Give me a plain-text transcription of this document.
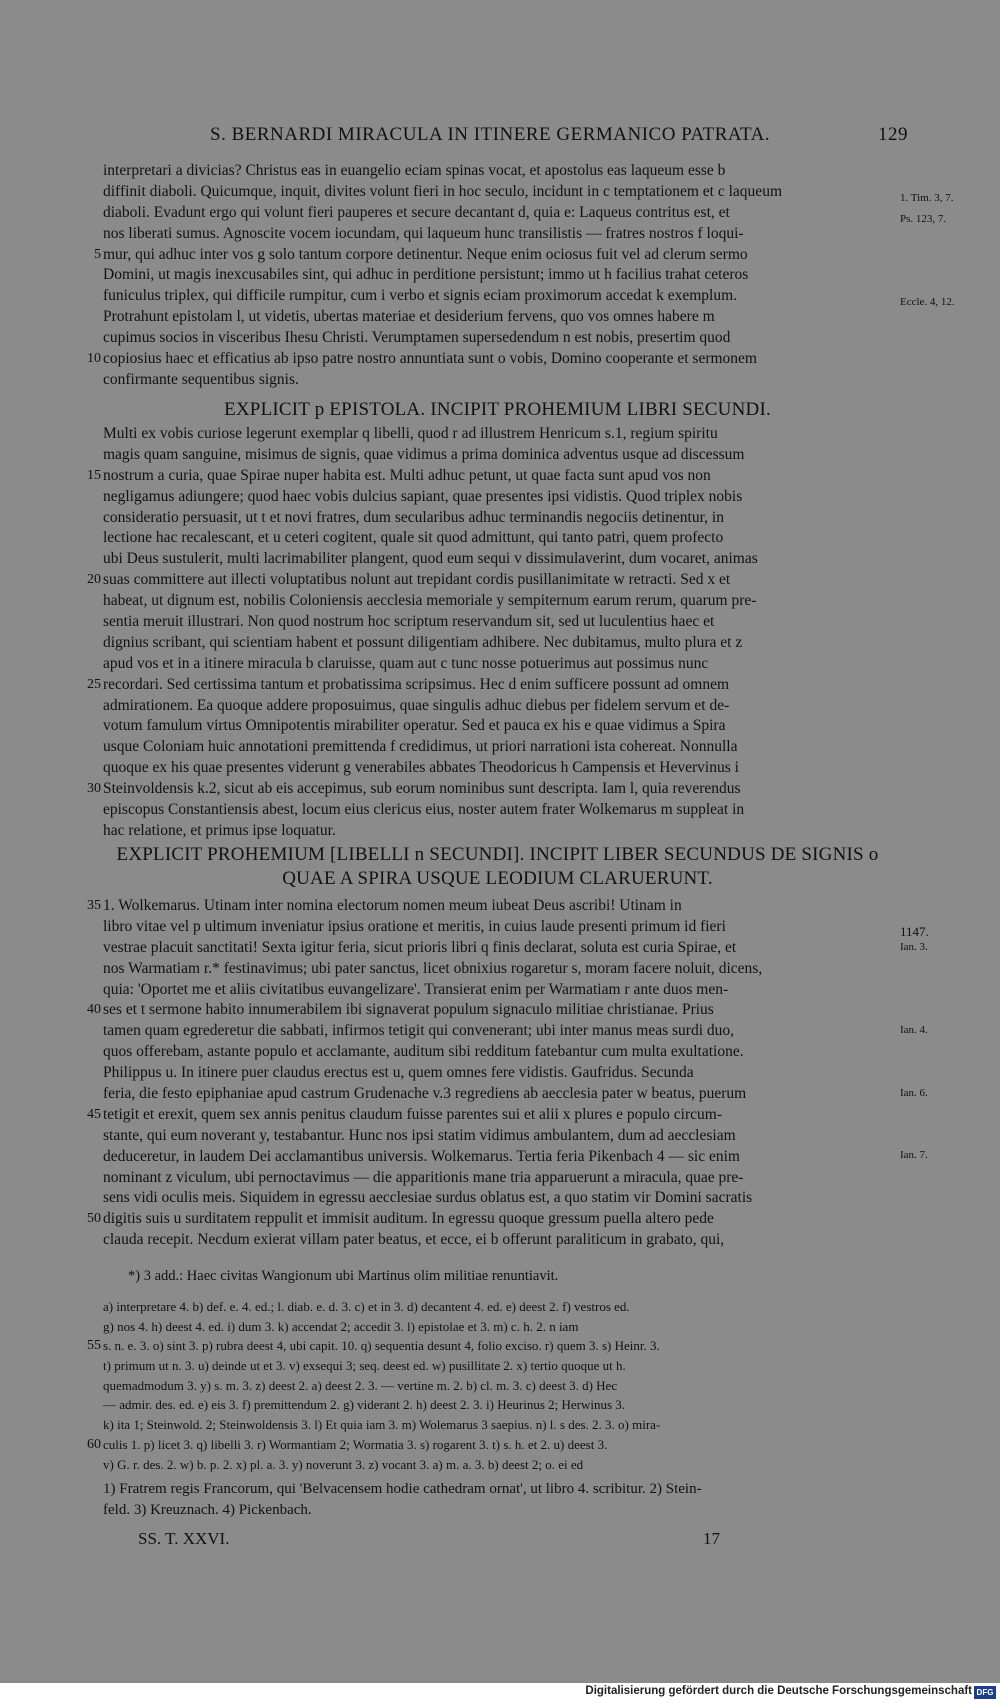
S. BERNARDI MIRACULA IN ITINERE GERMANICO PATRATA.	129
interpretari a divicias? Christus eas in euangelio eciam spinas vocat, et apostolus eas laqueum esse b
diffinit diaboli. Quicumque, inquit, divites volunt fieri in hoc seculo, incidunt in c temptationem et c laqueum
diaboli. Evadunt ergo qui volunt fieri pauperes et secure decantant d, quia e: Laqueus contritus est, et
nos liberati sumus. Agnoscite vocem iocundam, qui laqueum hunc transilistis — fratres nostros f loqui-
mur, qui adhuc inter vos g solo tantum corpore detinentur. Neque enim ociosus fuit vel ad clerum sermo
5
Domini, ut magis inexcusabiles sint, qui adhuc in perditione persistunt; immo ut h facilius trahat ceteros
funiculus triplex, qui difficile rumpitur, cum i verbo et signis eciam proximorum accedat k exemplum.
Protrahunt epistolam l, ut videtis, ubertas materiae et desiderium fervens, quo vos omnes habere m
cupimus socios in visceribus Ihesu Christi. Verumptamen supersedendum n est nobis, presertim quod
copiosius haec et efficatius ab ipso patre nostro annuntiata sunt o vobis, Domino cooperante et sermonem
10
confirmante sequentibus signis.
EXPLICIT p EPISTOLA. INCIPIT PROHEMIUM LIBRI SECUNDI.
Multi ex vobis curiose legerunt exemplar q libelli, quod r ad illustrem Henricum s.1, regium spiritu
magis quam sanguine, misimus de signis, quae vidimus a prima dominica adventus usque ad discessum
nostrum a curia, quae Spirae nuper habita est. Multi adhuc petunt, ut quae facta sunt apud vos non
15
negligamus adiungere; quod haec vobis dulcius sapiant, quae presentes ipsi vidistis. Quod triplex nobis
consideratio persuasit, ut t et novi fratres, dum secularibus adhuc terminandis negociis detinentur, in
lectione hac recalescant, et u ceteri cogitent, quale sit quod admittunt, qui tanto patri, quem profecto
ubi Deus sustulerit, multi lacrimabiliter plangent, quod eum sequi v dissimulaverint, dum vocaret, animas
suas committere aut illecti voluptatibus nolunt aut trepidant cordis pusillanimitate w retracti. Sed x et
20
habeat, ut dignum est, nobilis Coloniensis aecclesia memoriale y sempiternum earum rerum, quarum pre-
sentia meruit illustrari. Non quod nostrum hoc scriptum reservandum sit, sed ut luculentius haec et
dignius scribant, qui scientiam habent et possunt diligentiam adhibere. Nec dubitamus, multo plura et z
apud vos et in a itinere miracula b claruisse, quam aut c tunc nosse potuerimus aut possimus nunc
recordari. Sed certissima tantum et probatissima scripsimus. Hec d enim sufficere possunt ad omnem
25
admirationem. Ea quoque addere proposuimus, quae singulis adhuc diebus per fidelem servum et de-
votum famulum virtus Omnipotentis mirabiliter operatur. Sed et pauca ex his e quae vidimus a Spira
usque Coloniam huic annotationi premittenda f credidimus, ut priori narrationi ista cohereat. Nonnulla
quoque ex his quae presentes viderunt g venerabiles abbates Theodoricus h Campensis et Hevervinus i
Steinvoldensis k.2, sicut ab eis accepimus, sub eorum nominibus sunt descripta. Iam l, quia reverendus
30
episcopus Constantiensis abest, locum eius clericus eius, noster autem frater Wolkemarus m suppleat in
hac relatione, et primus ipse loquatur.
EXPLICIT PROHEMIUM [LIBELLI n SECUNDI]. INCIPIT LIBER SECUNDUS DE SIGNIS o
QUAE A SPIRA USQUE LEODIUM CLARUERUNT.
1. Wolkemarus. Utinam inter nomina electorum nomen meum iubeat Deus ascribi! Utinam in
35
libro vitae vel p ultimum inveniatur ipsius oratione et meritis, in cuius laude presenti primum id fieri
vestrae placuit sanctitati! Sexta igitur feria, sicut prioris libri q finis declarat, soluta est curia Spirae, et
nos Warmatiam r.* festinavimus; ubi pater sanctus, licet obnixius rogaretur s, moram facere noluit, dicens,
quia: 'Oportet me et aliis civitatibus euvangelizare'. Transierat enim per Warmatiam r ante duos men-
ses et t sermone habito innumerabilem ibi signaverat populum signaculo militiae christianae. Prius
40
tamen quam egrederetur die sabbati, infirmos tetigit qui convenerant; ubi inter manus meas surdi duo,
quos offerebam, astante populo et acclamante, auditum sibi redditum fatebantur cum multa exultatione.
Philippus u. In itinere puer claudus erectus est u, quem omnes fere vidistis. Gaufridus. Secunda
feria, die festo epiphaniae apud castrum Grudenache v.3 regrediens ab aecclesia pater w beatus, puerum
tetigit et erexit, quem sex annis penitus claudum fuisse parentes sui et alii x plures e populo circum-
45
stante, qui eum noverant y, testabantur. Hunc nos ipsi statim vidimus ambulantem, dum ad aecclesiam
deduceretur, in laudem Dei acclamantibus universis. Wolkemarus. Tertia feria Pikenbach 4 — sic enim
nominant z viculum, ubi pernoctavimus — die apparitionis mane tria apparuerunt a miracula, quae pre-
sens vidi oculis meis. Siquidem in egressu aecclesiae surdus oblatus est, a quo statim vir Domini sacratis
digitis suis u surditatem reppulit et immisit auditum. In egressu quoque gressum puella altero pede
50
clauda recepit. Necdum exierat villam pater beatus, et ecce, ei b offerunt paraliticum in grabato, qui,
1. Tim. 3, 7.
Ps. 123, 7.
Eccle. 4, 12.
1147.
Ian. 3.
Ian. 4.
Ian. 6.
Ian. 7.
*) 3 add.: Haec civitas Wangionum ubi Martinus olim militiae renuntiavit.
a) interpretare 4. b) def. e. 4. ed.; l. diab. e. d. 3. c) et in 3. d) decantent 4. ed. e) deest 2. f) vestros ed.
g) nos 4. h) deest 4. ed. i) dum 3. k) accendat 2; accedit 3. l) epistolae et 3. m) c. h. 2. n iam
s. n. e. 3. o) sint 3. p) rubra deest 4, ubi capit. 10. q) sequentia desunt 4, folio exciso. r) quem 3. s) Heinr. 3.
55
t) primum ut n. 3. u) deinde ut et 3. v) exsequi 3; seq. deest ed. w) pusillitate 2. x) tertio quoque ut h.
quemadmodum 3. y) s. m. 3. z) deest 2. a) deest 2. 3. — vertine m. 2. b) cl. m. 3. c) deest 3. d) Hec
— admir. des. ed. e) eis 3. f) premittendum 2. g) viderant 2. h) deest 2. 3. i) Heurinus 2; Herwinus 3.
k) ita 1; Steinwold. 2; Steinwoldensis 3. l) Et quia iam 3. m) Wolemarus 3 saepius. n) l. s des. 2. 3. o) mira-
culis 1. p) licet 3. q) libelli 3. r) Wormantiam 2; Wormatia 3. s) rogarent 3. t) s. h. et 2. u) deest 3.
60
v) G. r. des. 2. w) b. p. 2. x) pl. a. 3. y) noverunt 3. z) vocant 3. a) m. a. 3. b) deest 2; o. ei ed
1) Fratrem regis Francorum, qui 'Belvacensem hodie cathedram ornat', ut libro 4. scribitur. 2) Stein-
feld. 3) Kreuznach. 4) Pickenbach.
SS. T. XXVI.	17
Digitalisierung gefördert durch die Deutsche Forschungsgemeinschaft DFG
